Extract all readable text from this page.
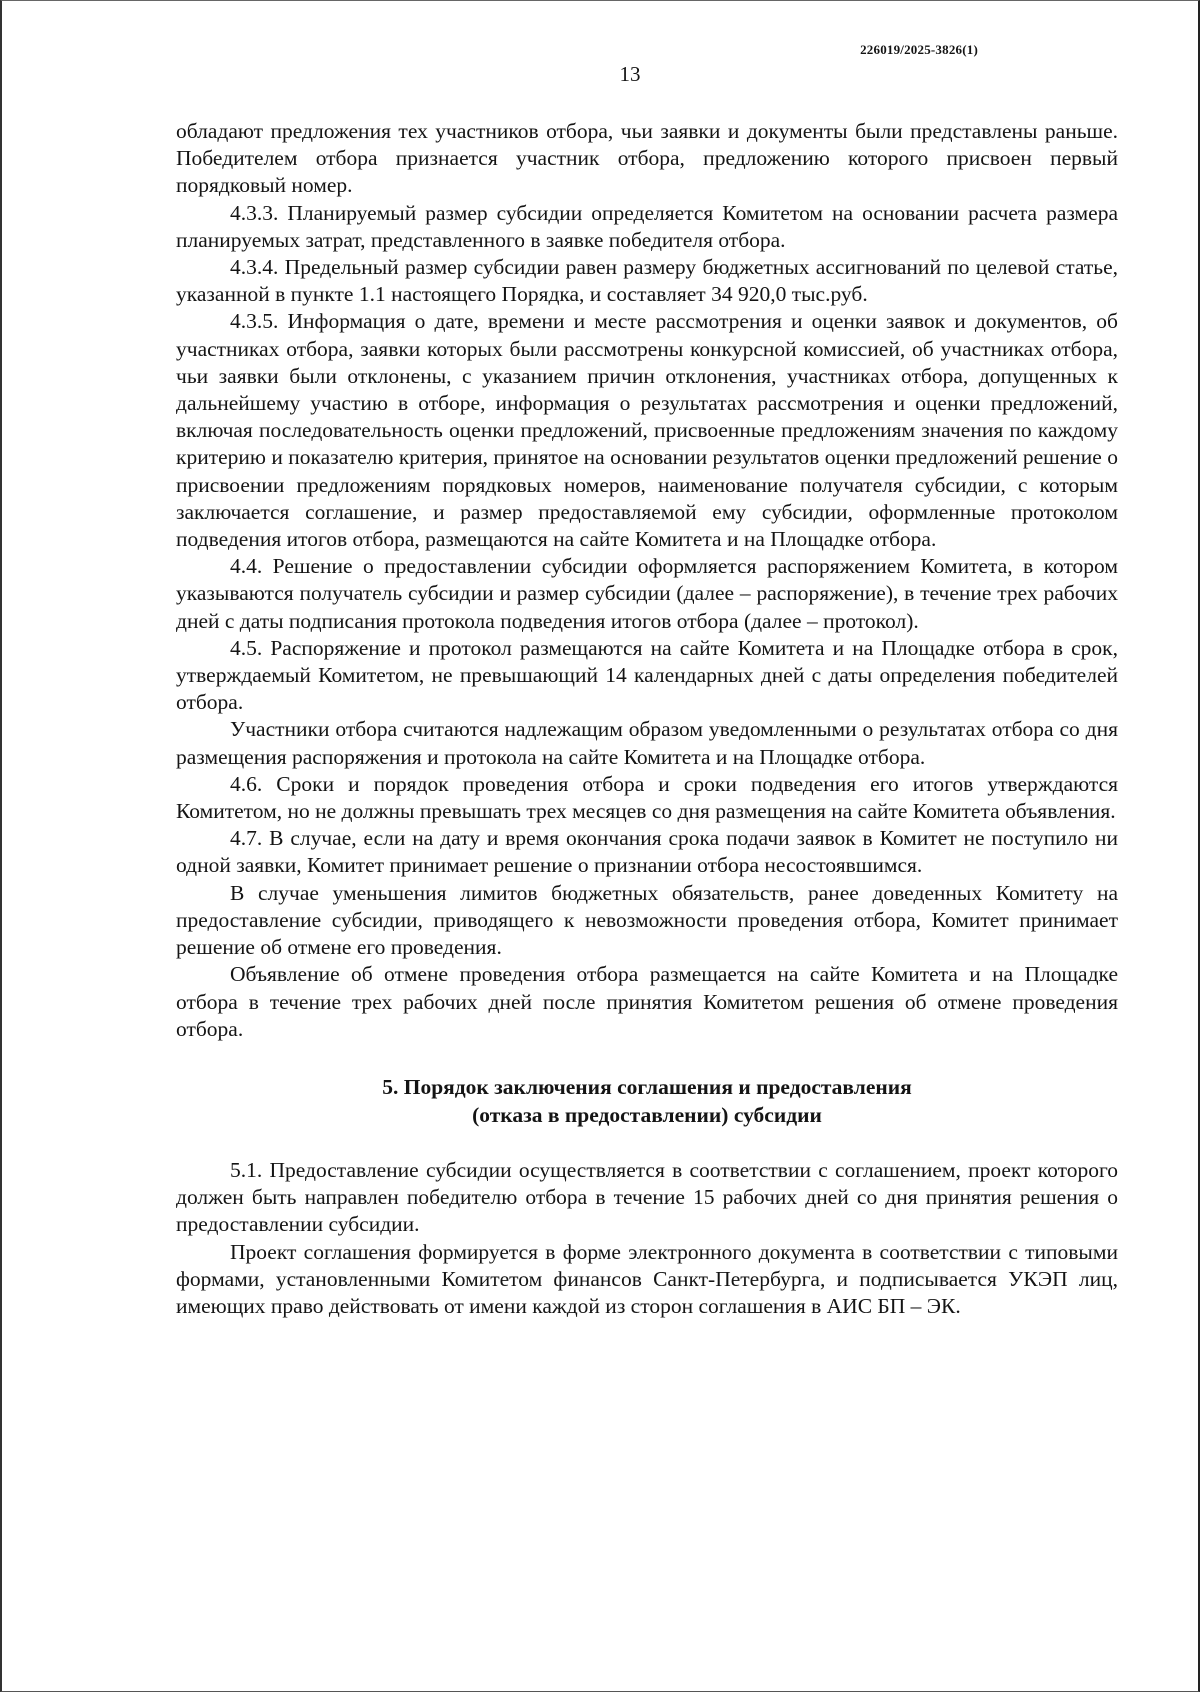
226019/2025-3826(1)
13

обладают предложения тех участников отбора, чьи заявки и документы были представлены раньше. Победителем отбора признается участник отбора, предложению которого присвоен первый порядковый номер.

4.3.3. Планируемый размер субсидии определяется Комитетом на основании расчета размера планируемых затрат, представленного в заявке победителя отбора.

4.3.4. Предельный размер субсидии равен размеру бюджетных ассигнований по целевой статье, указанной в пункте 1.1 настоящего Порядка, и составляет 34 920,0 тыс.руб.

4.3.5. Информация о дате, времени и месте рассмотрения и оценки заявок и документов, об участниках отбора, заявки которых были рассмотрены конкурсной комиссией, об участниках отбора, чьи заявки были отклонены, с указанием причин отклонения, участниках отбора, допущенных к дальнейшему участию в отборе, информация о результатах рассмотрения и оценки предложений, включая последовательность оценки предложений, присвоенные предложениям значения по каждому критерию и показателю критерия, принятое на основании результатов оценки предложений решение о присвоении предложениям порядковых номеров, наименование получателя субсидии, с которым заключается соглашение, и размер предоставляемой ему субсидии, оформленные протоколом подведения итогов отбора, размещаются на сайте Комитета и на Площадке отбора.

4.4. Решение о предоставлении субсидии оформляется распоряжением Комитета, в котором указываются получатель субсидии и размер субсидии (далее – распоряжение), в течение трех рабочих дней с даты подписания протокола подведения итогов отбора (далее – протокол).

4.5. Распоряжение и протокол размещаются на сайте Комитета и на Площадке отбора в срок, утверждаемый Комитетом, не превышающий 14 календарных дней с даты определения победителей отбора.

Участники отбора считаются надлежащим образом уведомленными о результатах отбора со дня размещения распоряжения и протокола на сайте Комитета и на Площадке отбора.

4.6. Сроки и порядок проведения отбора и сроки подведения его итогов утверждаются Комитетом, но не должны превышать трех месяцев со дня размещения на сайте Комитета объявления.

4.7. В случае, если на дату и время окончания срока подачи заявок в Комитет не поступило ни одной заявки, Комитет принимает решение о признании отбора несостоявшимся.

В случае уменьшения лимитов бюджетных обязательств, ранее доведенных Комитету на предоставление субсидии, приводящего к невозможности проведения отбора, Комитет принимает решение об отмене его проведения.

Объявление об отмене проведения отбора размещается на сайте Комитета и на Площадке отбора в течение трех рабочих дней после принятия Комитетом решения об отмене проведения отбора.

5. Порядок заключения соглашения и предоставления
(отказа в предоставлении) субсидии

5.1. Предоставление субсидии осуществляется в соответствии с соглашением, проект которого должен быть направлен победителю отбора в течение 15 рабочих дней со дня принятия решения о предоставлении субсидии.

Проект соглашения формируется в форме электронного документа в соответствии с типовыми формами, установленными Комитетом финансов Санкт-Петербурга, и подписывается УКЭП лиц, имеющих право действовать от имени каждой из сторон соглашения в АИС БП – ЭК.
